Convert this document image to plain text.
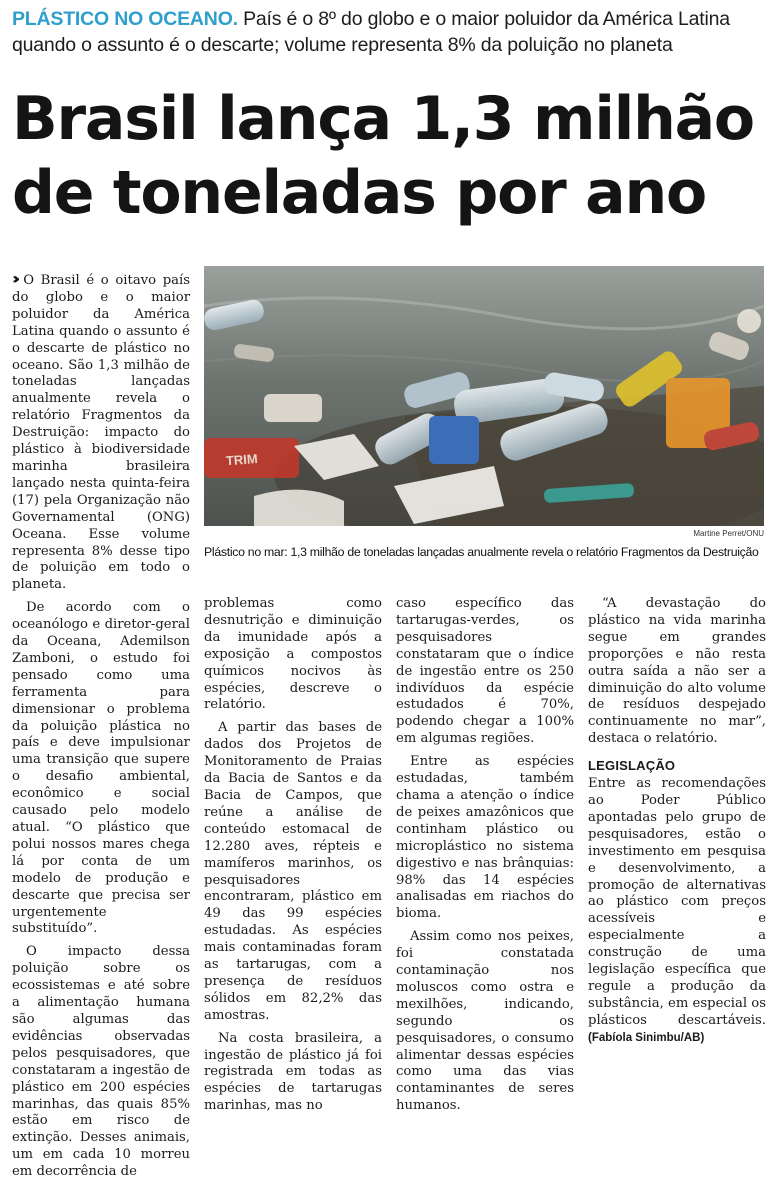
PLÁSTICO NO OCEANO. País é o 8º do globo e o maior poluidor da América Latina quando o assunto é o descarte; volume representa 8% da poluição no planeta
Brasil lança 1,3 milhão
de toneladas por ano

›› O Brasil é o oitavo país do globo e o maior poluidor da América Latina quando o assunto é o descarte de plástico no oceano. São 1,3 milhão de toneladas lançadas anualmente revela o relatório Fragmentos da Destruição: impacto do plástico à biodiversidade marinha brasileira lançado nesta quinta-feira (17) pela Organização não Governamental (ONG) Oceana. Esse volume representa 8% desse tipo de poluição em todo o planeta.

De acordo com o oceanólogo e diretor-geral da Oceana, Ademilson Zamboni, o estudo foi pensado como uma ferramenta para dimensionar o problema da poluição plástica no país e deve impulsionar uma transição que supere o desafio ambiental, econômico e social causado pelo modelo atual. “O plástico que polui nossos mares chega lá por conta de um modelo de produção e descarte que precisa ser urgentemente substituído”.

O impacto dessa poluição sobre os ecossistemas e até sobre a alimentação humana são algumas das evidências observadas pelos pesquisadores, que constataram a ingestão de plástico em 200 espécies marinhas, das quais 85% estão em risco de extinção. Desses animais, um em cada 10 morreu em decorrência de

TRIM
Martine Perret/ONU
Plástico no mar: 1,3 milhão de toneladas lançadas anualmente revela o relatório Fragmentos da Destruição

problemas como desnutrição e diminuição da imunidade após a exposição a compostos químicos nocivos às espécies, descreve o relatório.

A partir das bases de dados dos Projetos de Monitoramento de Praias da Bacia de Santos e da Bacia de Campos, que reúne a análise de conteúdo estomacal de 12.280 aves, répteis e mamíferos marinhos, os pesquisadores encontraram, plástico em 49 das 99 espécies estudadas. As espécies mais contaminadas foram as tartarugas, com a presença de resíduos sólidos em 82,2% das amostras.

Na costa brasileira, a ingestão de plástico já foi registrada em todas as espécies de tartarugas marinhas, mas no

caso específico das tartarugas-verdes, os pesquisadores constataram que o índice de ingestão entre os 250 indivíduos da espécie estudados é 70%, podendo chegar a 100% em algumas regiões.

Entre as espécies estudadas, também chama a atenção o índice de peixes amazônicos que continham plástico ou microplástico no sistema digestivo e nas brânquias: 98% das 14 espécies analisadas em riachos do bioma.

Assim como nos peixes, foi constatada contaminação nos moluscos como ostra e mexilhões, indicando, segundo os pesquisadores, o consumo alimentar dessas espécies como uma das vias contaminantes de seres humanos.

“A devastação do plástico na vida marinha segue em grandes proporções e não resta outra saída a não ser a diminuição do alto volume de resíduos despejado continuamente no mar”, destaca o relatório.

LEGISLAÇÃO

Entre as recomendações ao Poder Público apontadas pelo grupo de pesquisadores, estão o investimento em pesquisa e desenvolvimento, a promoção de alternativas ao plástico com preços acessíveis e especialmente a construção de uma legislação específica que regule a produção da substância, em especial os plásticos descartáveis. (Fabíola Sinimbu/AB)
